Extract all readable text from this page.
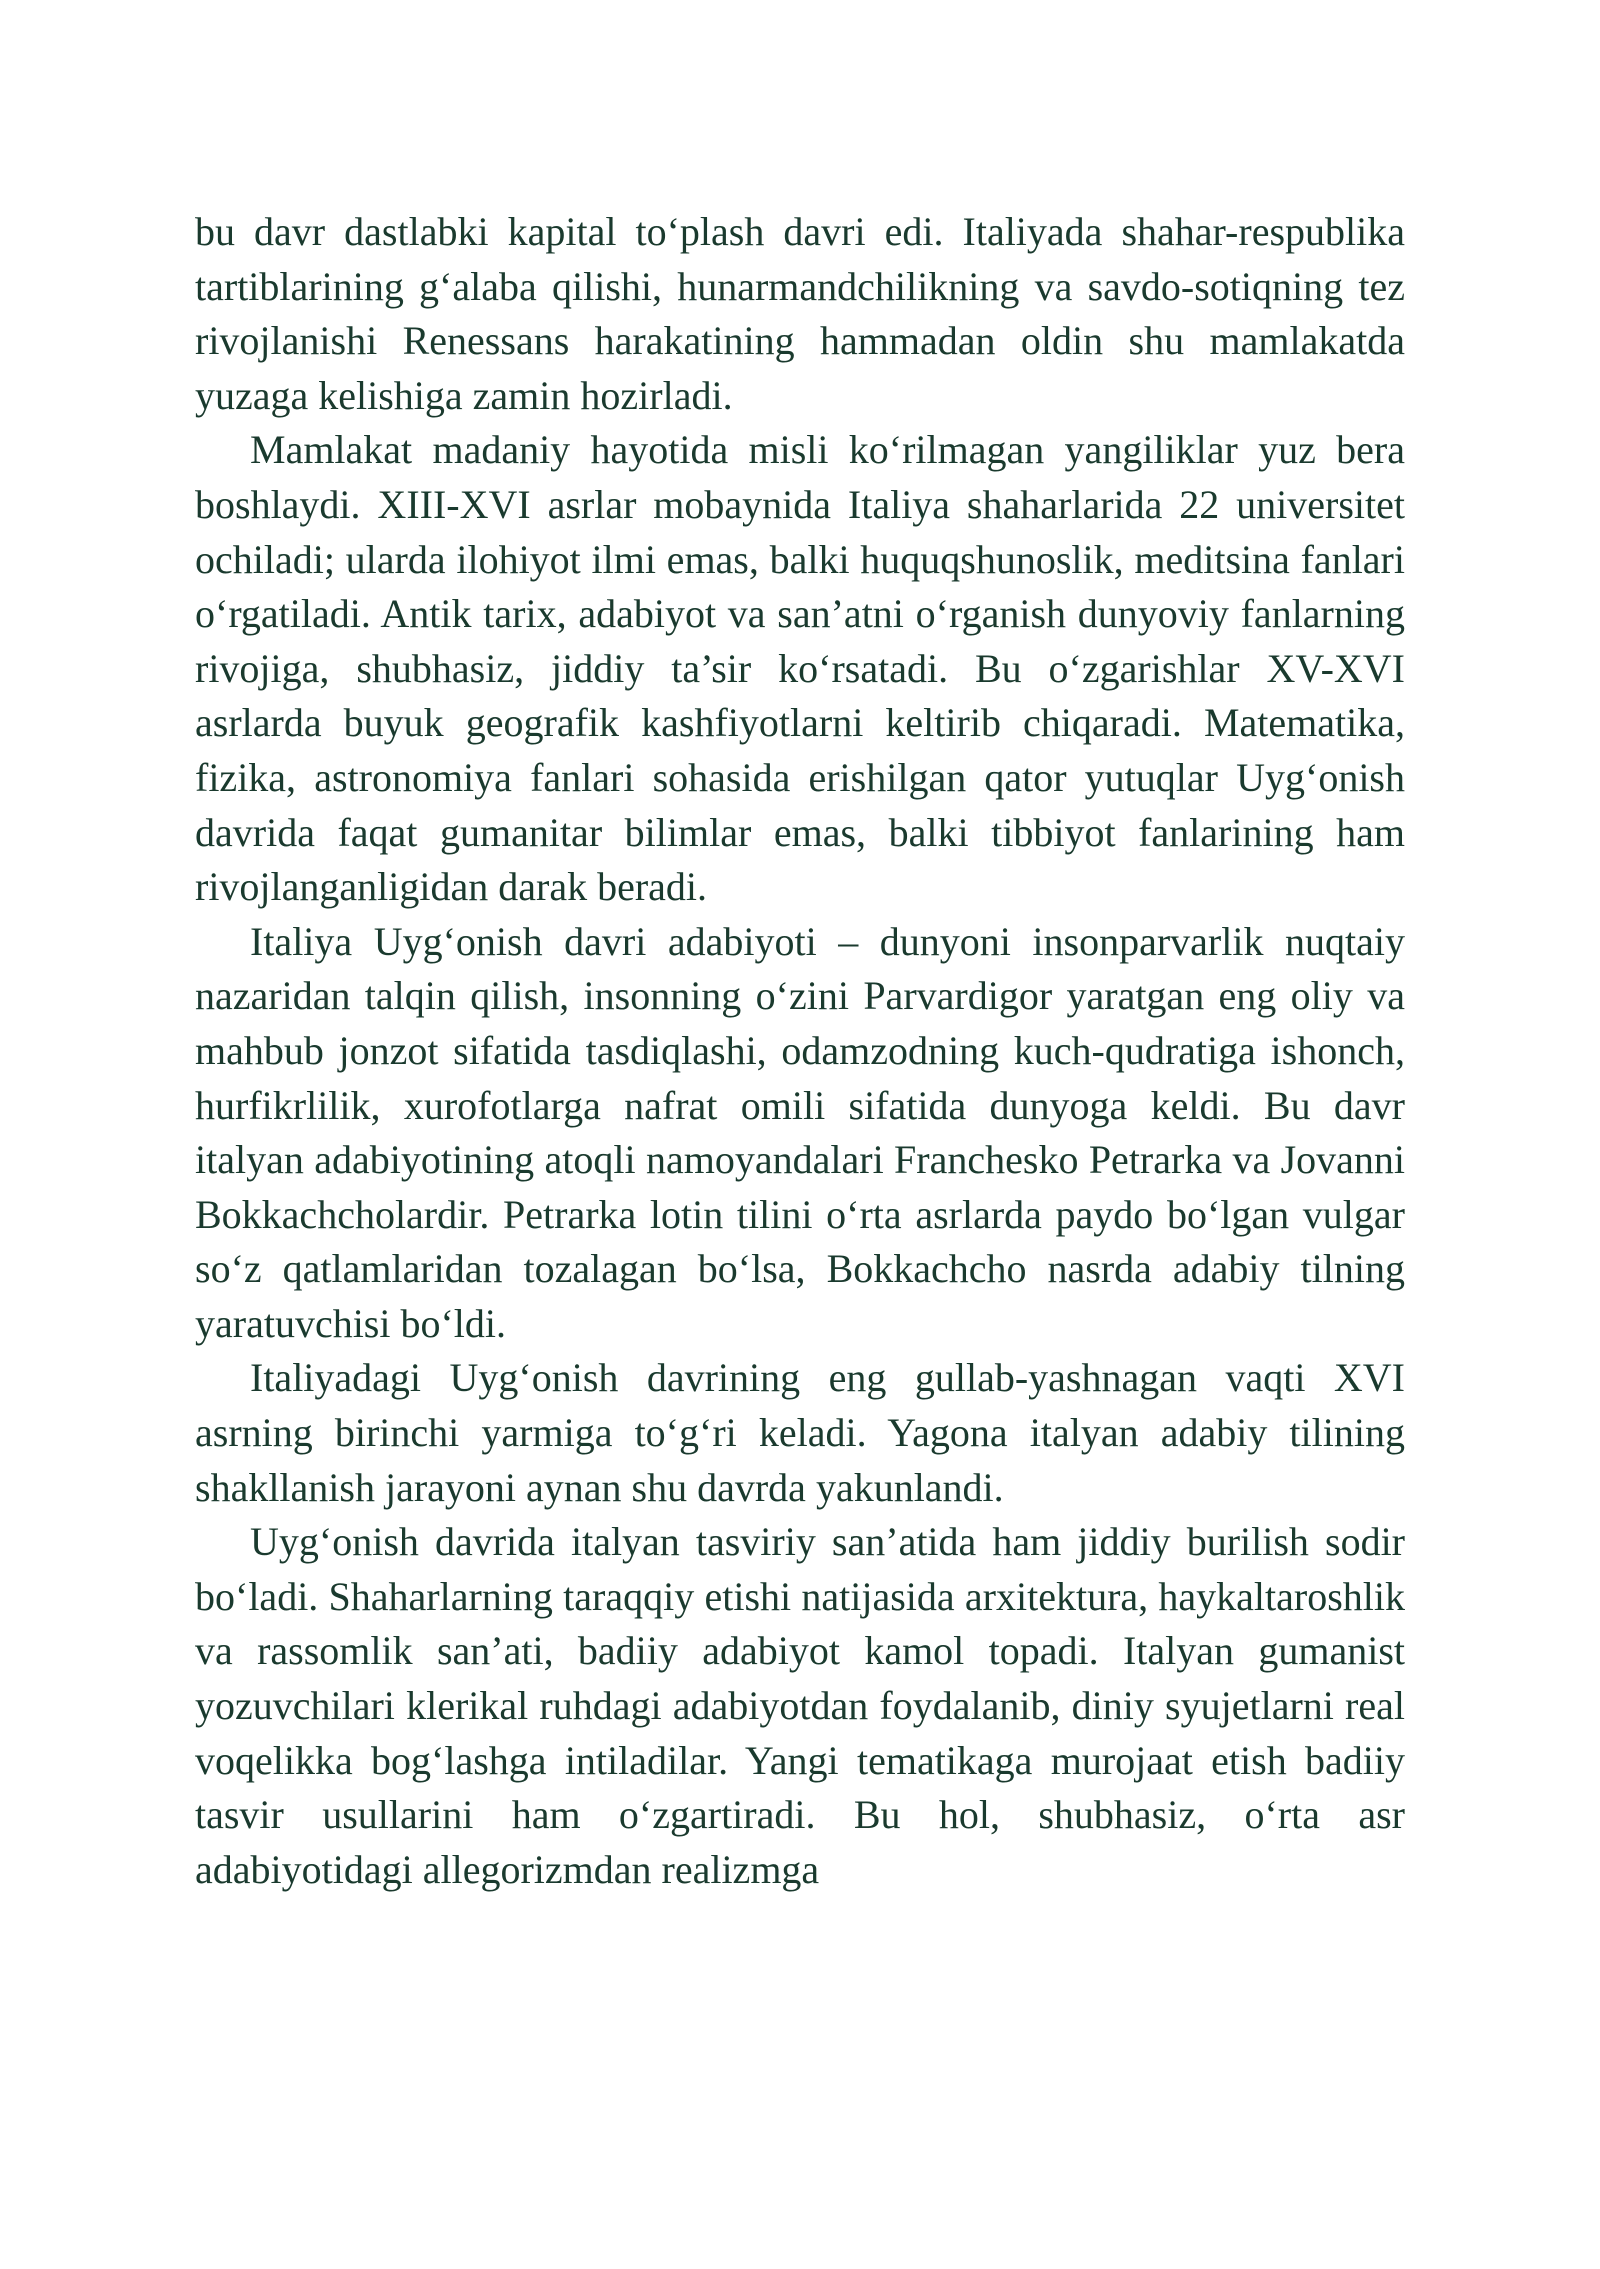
bu davr dastlabki kapital to‘plash davri edi. Italiyada shahar-respublika tartiblarining g‘alaba qilishi, hunarmandchilikning va savdo-sotiqning tez rivojlanishi Renessans harakatining hammadan oldin shu mamlakatda yuzaga kelishiga zamin hozirladi.

Mamlakat madaniy hayotida misli ko‘rilmagan yangiliklar yuz bera boshlaydi. XIII-XVI asrlar mobaynida Italiya shaharlarida 22 universitet ochiladi; ularda ilohiyot ilmi emas, balki huquqshunoslik, meditsina fanlari o‘rgatiladi. Antik tarix, adabiyot va san’atni o‘rganish dunyoviy fanlarning rivojiga, shubhasiz, jiddiy ta’sir ko‘rsatadi. Bu o‘zgarishlar XV-XVI asrlarda buyuk geografik kashfiyotlarni keltirib chiqaradi. Matematika, fizika, astronomiya fanlari sohasida erishilgan qator yutuqlar Uyg‘onish davrida faqat gumanitar bilimlar emas, balki tibbiyot fanlarining ham rivojlanganligidan darak beradi.

Italiya Uyg‘onish davri adabiyoti – dunyoni insonparvarlik nuqtaiy nazaridan talqin qilish, insonning o‘zini Parvardigor yaratgan eng oliy va mahbub jonzot sifatida tasdiqlashi, odamzodning kuch-qudratiga ishonch, hurfikrlilik, xurofotlarga nafrat omili sifatida dunyoga keldi. Bu davr italyan adabiyotining atoqli namoyandalari Franchesko Petrarka va Jovanni Bokkachcholardir. Petrarka lotin tilini o‘rta asrlarda paydo bo‘lgan vulgar so‘z qatlamlaridan tozalagan bo‘lsa, Bokkachcho nasrda adabiy tilning yaratuvchisi bo‘ldi.

Italiyadagi Uyg‘onish davrining eng gullab-yashnagan vaqti XVI asrning birinchi yarmiga to‘g‘ri keladi. Yagona italyan adabiy tilining shakllanish jarayoni aynan shu davrda yakunlandi.

Uyg‘onish davrida italyan tasviriy san’atida ham jiddiy burilish sodir bo‘ladi. Shaharlarning taraqqiy etishi natijasida arxitektura, haykaltaroshlik va rassomlik san’ati, badiiy adabiyot kamol topadi. Italyan gumanist yozuvchilari klerikal ruhdagi adabiyotdan foydalanib, diniy syujetlarni real voqelikka bog‘lashga intiladilar. Yangi tematikaga murojaat etish badiiy tasvir usullarini ham o‘zgartiradi. Bu hol, shubhasiz, o‘rta asr adabiyotidagi allegorizmdan realizmga
